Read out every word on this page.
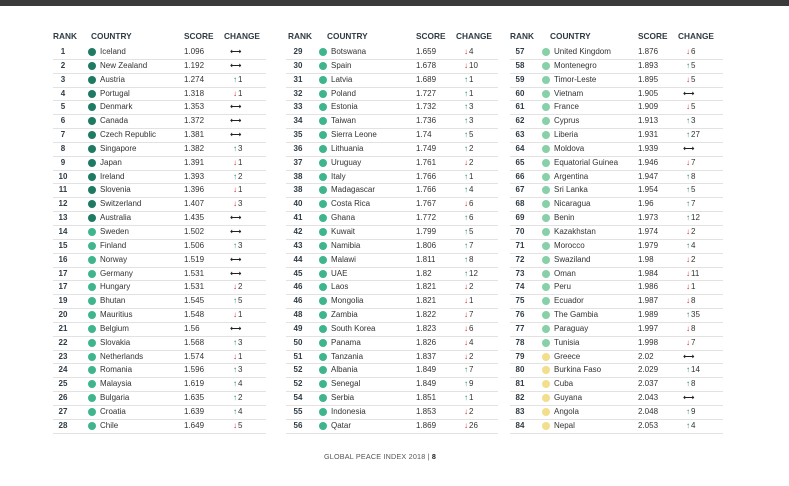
RANK COUNTRY	SCORE CHANGE
1	Iceland	1.096	⟷
2	New Zealand	1.192	⟷
3	Austria	1.274	↑1
4	Portugal	1.318	↓1
5	Denmark	1.353	⟷
6	Canada	1.372	⟷
7	Czech Republic	1.381	⟷
8	Singapore	1.382	↑3
9	Japan	1.391	↓1
10	Ireland	1.393	↑2
11	Slovenia	1.396	↓1
12	Switzerland	1.407	↓3
13	Australia	1.435	⟷
14	Sweden	1.502	⟷
15	Finland	1.506	↑3
16	Norway	1.519	⟷
17	Germany	1.531	⟷
17	Hungary	1.531	↓2
19	Bhutan	1.545	↑5
20	Mauritius	1.548	↓1
21	Belgium	1.56	⟷
22	Slovakia	1.568	↑3
23	Netherlands	1.574	↓1
24	Romania	1.596	↑3
25	Malaysia	1.619	↑4
26	Bulgaria	1.635	↑2
27	Croatia	1.639	↑4
28	Chile	1.649	↓5
RANK COUNTRY	SCORE CHANGE
29	Botswana	1.659	↓4
30	Spain	1.678	↓10
31	Latvia	1.689	↑1
32	Poland	1.727	↑1
33	Estonia	1.732	↑3
34	Taiwan	1.736	↑3
35	Sierra Leone	1.74	↑5
36	Lithuania	1.749	↑2
37	Uruguay	1.761	↓2
38	Italy	1.766	↑1
38	Madagascar	1.766	↑4
40	Costa Rica	1.767	↓6
41	Ghana	1.772	↑6
42	Kuwait	1.799	↑5
43	Namibia	1.806	↑7
44	Malawi	1.811	↑8
45	UAE	1.82	↑12
46	Laos	1.821	↓2
46	Mongolia	1.821	↓1
48	Zambia	1.822	↓7
49	South Korea	1.823	↓6
50	Panama	1.826	↓4
51	Tanzania	1.837	↓2
52	Albania	1.849	↑7
52	Senegal	1.849	↑9
54	Serbia	1.851	↑1
55	Indonesia	1.853	↓2
56	Qatar	1.869	↓26
RANK COUNTRY	SCORE CHANGE
57	United Kingdom	1.876	↓6
58	Montenegro	1.893	↑5
59	Timor-Leste	1.895	↓5
60	Vietnam	1.905	⟷
61	France	1.909	↓5
62	Cyprus	1.913	↑3
63	Liberia	1.931	↑27
64	Moldova	1.939	⟷
65	Equatorial Guinea 1.946	↓7
66	Argentina	1.947	↑8
67	Sri Lanka	1.954	↑5
68	Nicaragua	1.96	↑7
69	Benin	1.973	↑12
70	Kazakhstan	1.974	↓2
71	Morocco	1.979	↑4
72	Swaziland	1.98	↓2
73	Oman	1.984	↓11
74	Peru	1.986	↓1
75	Ecuador	1.987	↓8
76	The Gambia	1.989	↑35
77	Paraguay	1.997	↓8
78	Tunisia	1.998	↓7
79	Greece	2.02	⟷
80	Burkina Faso	2.029	↑14
81	Cuba	2.037	↑8
82	Guyana	2.043	⟷
83	Angola	2.048	↑9
84	Nepal	2.053	↑4
GLOBAL PEACE INDEX 2018 | 8
